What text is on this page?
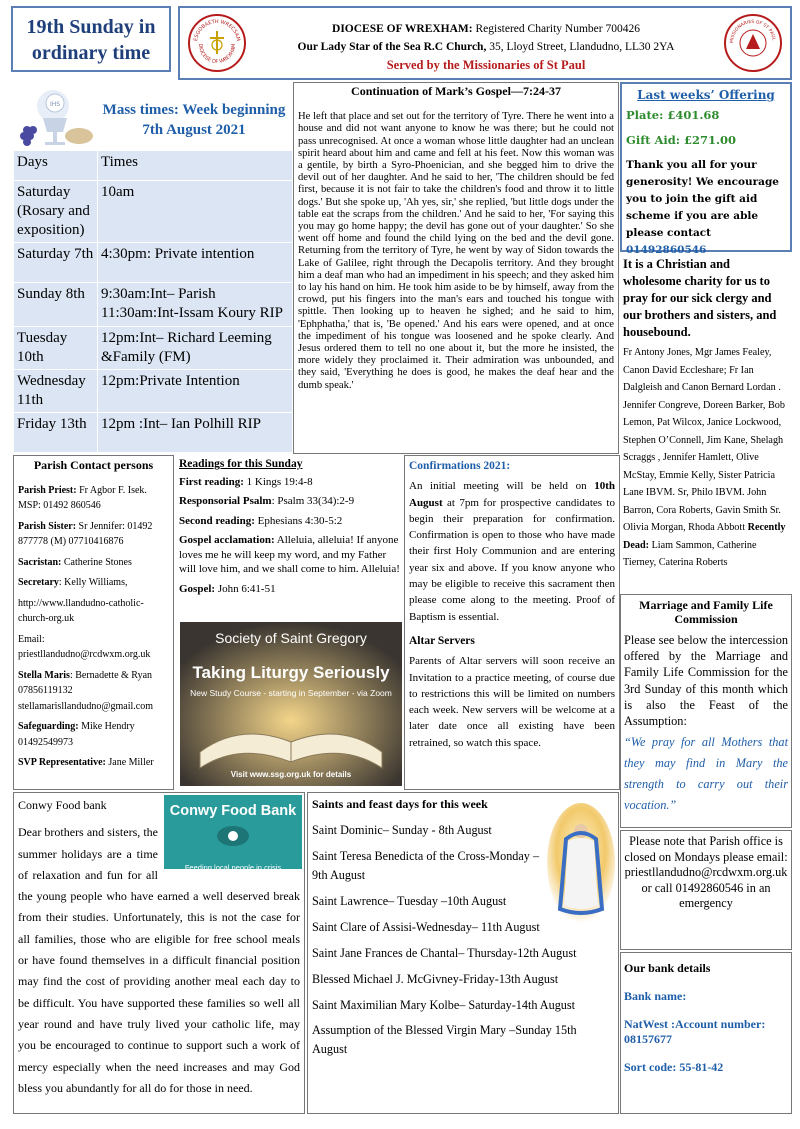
19th Sunday in
ordinary time
ESGOBAETH WRECSAM
DIOCESE OF WREXHAM
DIOCESE OF WREXHAM: Registered Charity Number 700426
Our Lady Star of the Sea R.C Church, 35, Lloyd Street, Llandudno, LL30 2YA
Served by the Missionaries of St Paul
MISSIONARIES OF ST PAUL
IHS	Mass times: Week beginning 7th August 2021
Days	Times
Saturday (Rosary and exposition)	10am
Saturday 7th	4:30pm: Private intention
Sunday 8th	9:30am:Int– Parish 11:30am:Int-Issam Koury RIP
Tuesday 10th	12pm:Int– Richard Leeming &Family (FM)
Wednesday 11th	12pm:Private Intention
Friday 13th	12pm :Int– Ian Polhill RIP
Continuation of Mark’s Gospel—7:24-37

He left that place and set out for the territory of Tyre. There he went into a house and did not want anyone to know he was there; but he could not pass unrecognised. At once a woman whose little daughter had an unclean spirit heard about him and came and fell at his feet. Now this woman was a gentile, by birth a Syro-Phoenician, and she begged him to drive the devil out of her daughter. And he said to her, 'The children should be fed first, because it is not fair to take the children's food and throw it to little dogs.' But she spoke up, 'Ah yes, sir,' she replied, 'but little dogs under the table eat the scraps from the children.' And he said to her, 'For saying this you may go home happy; the devil has gone out of your daughter.' So she went off home and found the child lying on the bed and the devil gone. Returning from the territory of Tyre, he went by way of Sidon towards the Lake of Galilee, right through the Decapolis territory. And they brought him a deaf man who had an impediment in his speech; and they asked him to lay his hand on him. He took him aside to be by himself, away from the crowd, put his fingers into the man's ears and touched his tongue with spittle. Then looking up to heaven he sighed; and he said to him, 'Ephphatha,' that is, 'Be opened.' And his ears were opened, and at once the impediment of his tongue was loosened and he spoke clearly. And Jesus ordered them to tell no one about it, but the more he insisted, the more widely they proclaimed it. Their admiration was unbounded, and they said, 'Everything he does is good, he makes the deaf hear and the dumb speak.'

Last weeks’ Offering
Plate: £401.68
Gift Aid: £271.00

Thank you all for your generosity! We encourage you to join the gift aid scheme if you are able please contact 01492860546

It is a Christian and wholesome charity for us to pray for our sick clergy and our brothers and sisters, and housebound.

Fr Antony Jones, Mgr James Fealey, Canon David Eccleshare; Fr Ian Dalgleish and Canon Bernard Lordan . Jennifer Congreve, Doreen Barker, Bob Lemon, Pat Wilcox, Janice Lockwood, Stephen O’Connell, Jim Kane, Shelagh Scraggs , Jennifer Hamlett, Olive McStay, Emmie Kelly, Sister Patricia Lane IBVM. Sr, Philo IBVM. John Barron, Cora Roberts, Gavin Smith Sr. Olivia Morgan, Rhoda Abbott Recently Dead: Liam Sammon, Catherine Tierney, Caterina Roberts

Parish Contact persons

Parish Priest: Fr Agbor F. Isek. MSP: 01492 860546

Parish Sister: Sr Jennifer: 01492 877778 (M) 07710416876

Sacristan: Catherine Stones

Secretary: Kelly Williams,

http://www.llandudno-catholic-church-org.uk

Email: priestllandudno@rcdwxm.org.uk

Stella Maris: Bernadette & Ryan 07856119132 stellamarisllandudno@gmail.com

Safeguarding: Mike Hendry 01492549973

SVP Representative: Jane Miller

Readings for this Sunday

First reading: 1 Kings 19:4-8

Responsorial Psalm: Psalm 33(34):2-9

Second reading: Ephesians 4:30-5:2

Gospel acclamation: Alleluia, alleluia! If anyone loves me he will keep my word, and my Father will love him, and we shall come to him. Alleluia!

Gospel: John 6:41-51

Society of Saint Gregory
Taking Liturgy Seriously
New Study Course - starting in September - via Zoom
Visit www.ssg.org.uk for details
Confirmations 2021:

An initial meeting will be held on 10th August at 7pm for prospective candidates to begin their preparation for confirmation. Confirmation is open to those who have made their first Holy Communion and are entering year six and above. If you know anyone who may be eligible to receive this sacrament then please come along to the meeting. Proof of Baptism is essential.

Altar Servers

Parents of Altar servers will soon receive an Invitation to a practice meeting, of course due to restrictions this will be limited on numbers each week. New servers will be welcome at a later date once all existing have been retrained, so watch this space.

Marriage and Family Life Commission

Please see below the intercession offered by the Marriage and Family Life Commission for the 3rd Sunday of this month which is also the Feast of the Assumption:

“We pray for all Mothers that they may find in Mary the strength to carry out their vocation.”

Please note that Parish office is closed on Mondays please email: priestllandudno@rcdwxm.org.uk or call 01492860546 in an emergency

Our bank details

Bank name:

NatWest :Account number: 08157677

Sort code: 55-81-42

Conwy Food bank	Conwy Food Bank
Feeding local people in crisis

Dear brothers and sisters, the summer holidays are a time of relaxation and fun for all the young people who have earned a well deserved break from their studies. Unfortunately, this is not the case for all families, those who are eligible for free school meals or have found themselves in a difficult financial position may find the cost of providing another meal each day to be difficult. You have supported these families so well all year round and have truly lived your catholic life, may you be encouraged to continue to support such a work of mercy especially when the need increases and may God bless you abundantly for all do for those in need.

Saints and feast days for this week

Saint Dominic– Sunday - 8th August

Saint Teresa Benedicta of the Cross-Monday –9th August

Saint Lawrence– Tuesday –10th August

Saint Clare of Assisi-Wednesday– 11th August

Saint Jane Frances de Chantal– Thursday-12th August

Blessed Michael J. McGivney-Friday-13th August

Saint Maximilian Mary Kolbe– Saturday-14th August

Assumption of the Blessed Virgin Mary –Sunday 15th August
